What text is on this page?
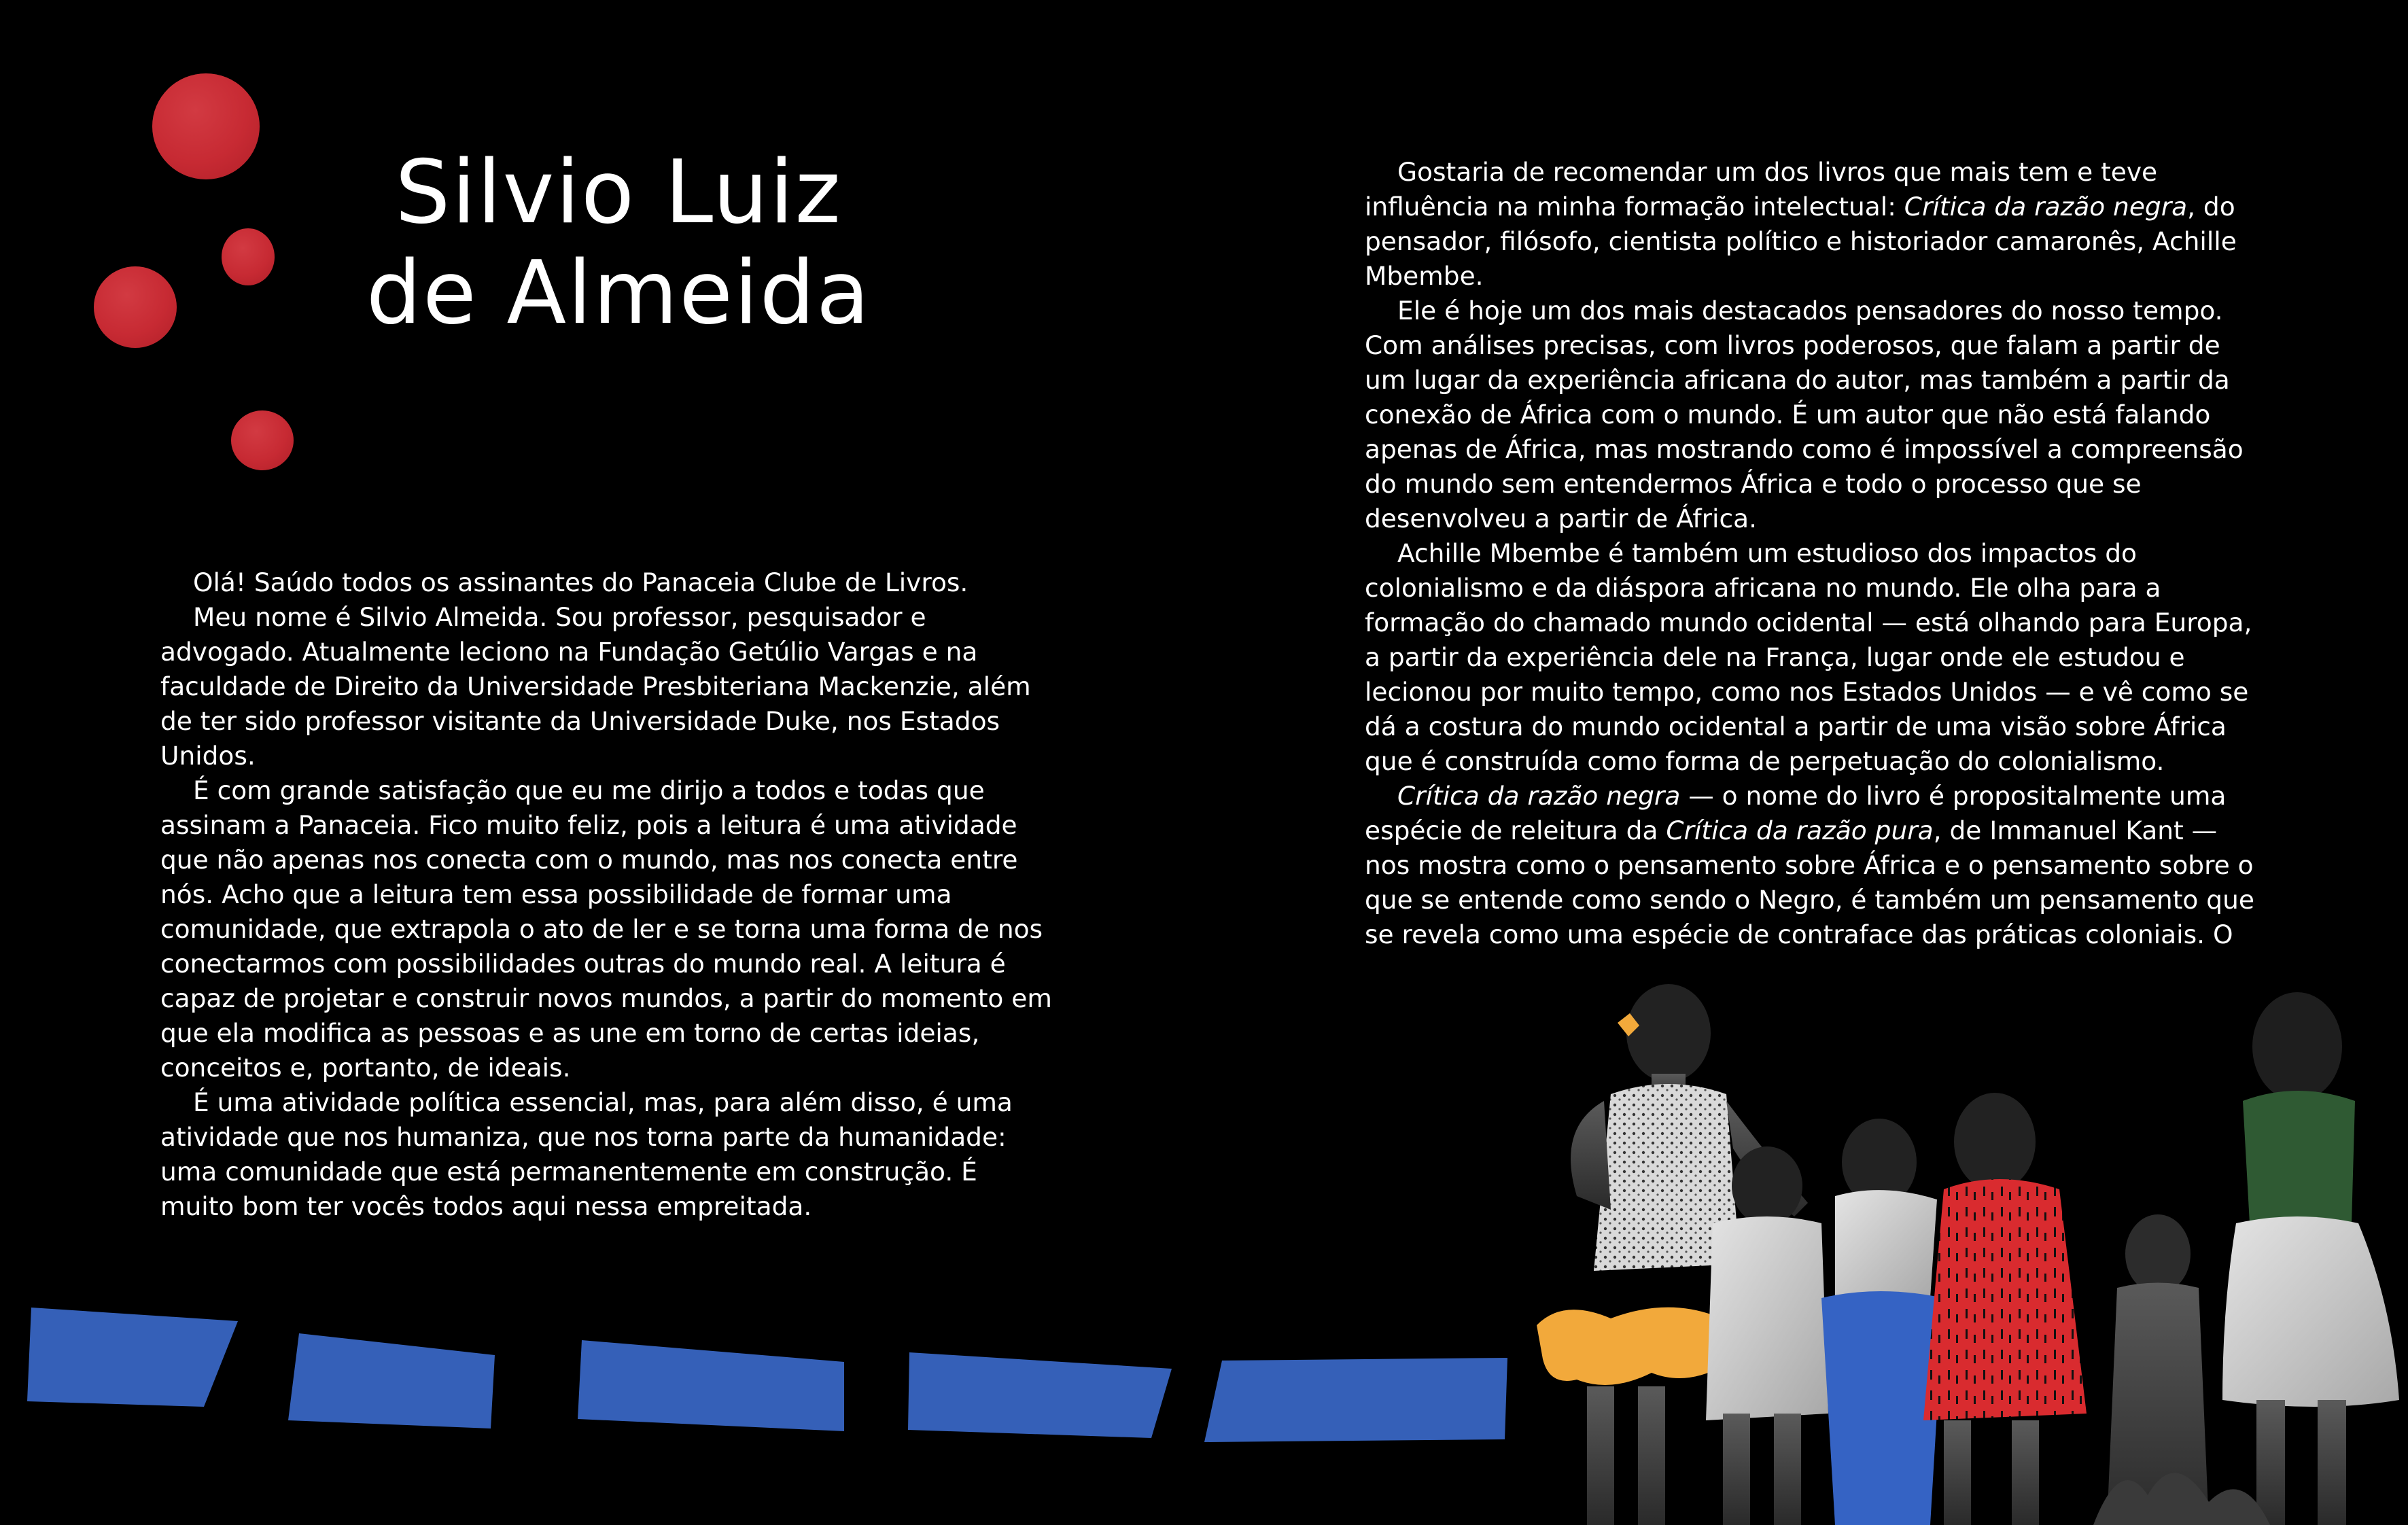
Silvio Luiz
de Almeida

Olá! Saúdo todos os assinantes do Panaceia Clube de Livros.

Meu nome é Silvio Almeida. Sou professor, pesquisador e advogado. Atualmente leciono na Fundação Getúlio Vargas e na faculdade de Direito da Universidade Presbiteriana Mackenzie, além de ter sido professor visitante da Universidade Duke, nos Estados Unidos.

É com grande satisfação que eu me dirijo a todos e todas que assinam a Panaceia. Fico muito feliz, pois a leitura é uma atividade que não apenas nos conecta com o mundo, mas nos conecta entre nós. Acho que a leitura tem essa possibilidade de formar uma comunidade, que extrapola o ato de ler e se torna uma forma de nos conectarmos com possibilidades outras do mundo real. A leitura é capaz de projetar e construir novos mundos, a partir do momento em que ela modifica as pessoas e as une em torno de certas ideias, conceitos e, portanto, de ideais.

É uma atividade política essencial, mas, para além disso, é uma atividade que nos humaniza, que nos torna parte da humanidade: uma comunidade que está permanentemente em construção. É muito bom ter vocês todos aqui nessa empreitada.

Gostaria de recomendar um dos livros que mais tem e teve influência na minha formação intelectual: Crítica da razão negra, do pensador, filósofo, cientista político e historiador camaronês, Achille Mbembe.

Ele é hoje um dos mais destacados pensadores do nosso tempo. Com análises precisas, com livros poderosos, que falam a partir de um lugar da experiência africana do autor, mas também a partir da conexão de África com o mundo. É um autor que não está falando apenas de África, mas mostrando como é impossível a compreensão do mundo sem entendermos África e todo o processo que se desenvolveu a partir de África.

Achille Mbembe é também um estudioso dos impactos do colonialismo e da diáspora africana no mundo. Ele olha para a formação do chamado mundo ocidental — está olhando para Europa, a partir da experiência dele na França, lugar onde ele estudou e lecionou por muito tempo, como nos Estados Unidos — e vê como se dá a costura do mundo ocidental a partir de uma visão sobre África que é construída como forma de perpetuação do colonialismo.

Crítica da razão negra — o nome do livro é propositalmente uma espécie de releitura da Crítica da razão pura, de Immanuel Kant — nos mostra como o pensamento sobre África e o pensamento sobre o que se entende como sendo o Negro, é também um pensamento que se revela como uma espécie de contraface das práticas coloniais. O
